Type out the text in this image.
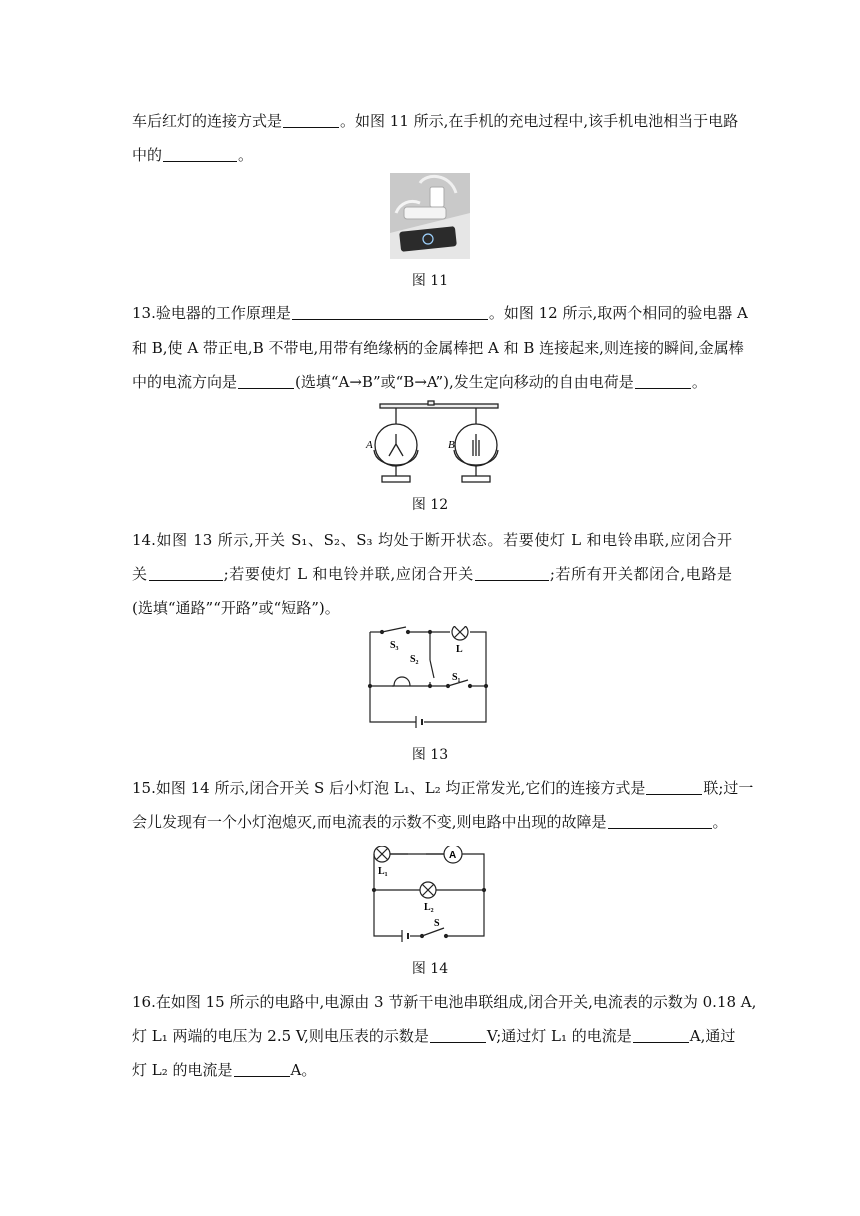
车后红灯的连接方式是	。如图 11 所示,在手机的充电过程中,该手机电池相当于电路
中的	。
图 11
13.验电器的工作原理是	。如图 12 所示,取两个相同的验电器 A
和 B,使 A 带正电,B 不带电,用带有绝缘柄的金属棒把 A 和 B 连接起来,则连接的瞬间,金属棒
中的电流方向是	(选填“A→B”或“B→A”),发生定向移动的自由电荷是	。
A	B
图 12
14.如图 13 所示,开关 S₁、S₂、S₃ 均处于断开状态。若要使灯 L 和电铃串联,应闭合开
关	;若要使灯 L 和电铃并联,应闭合开关	;若所有开关都闭合,电路是
(选填“通路”“开路”或“短路”)。
S₃
S₂
S₁
L
图 13
15.如图 14 所示,闭合开关 S 后小灯泡 L₁、L₂ 均正常发光,它们的连接方式是	联;过一
会儿发现有一个小灯泡熄灭,而电流表的示数不变,则电路中出现的故障是	。
A
L₁
L₂
S
图 14
16.在如图 15 所示的电路中,电源由 3 节新干电池串联组成,闭合开关,电流表的示数为 0.18 A,
灯 L₁ 两端的电压为 2.5 V,则电压表的示数是	V;通过灯 L₁ 的电流是	A,通过
灯 L₂ 的电流是	A。
